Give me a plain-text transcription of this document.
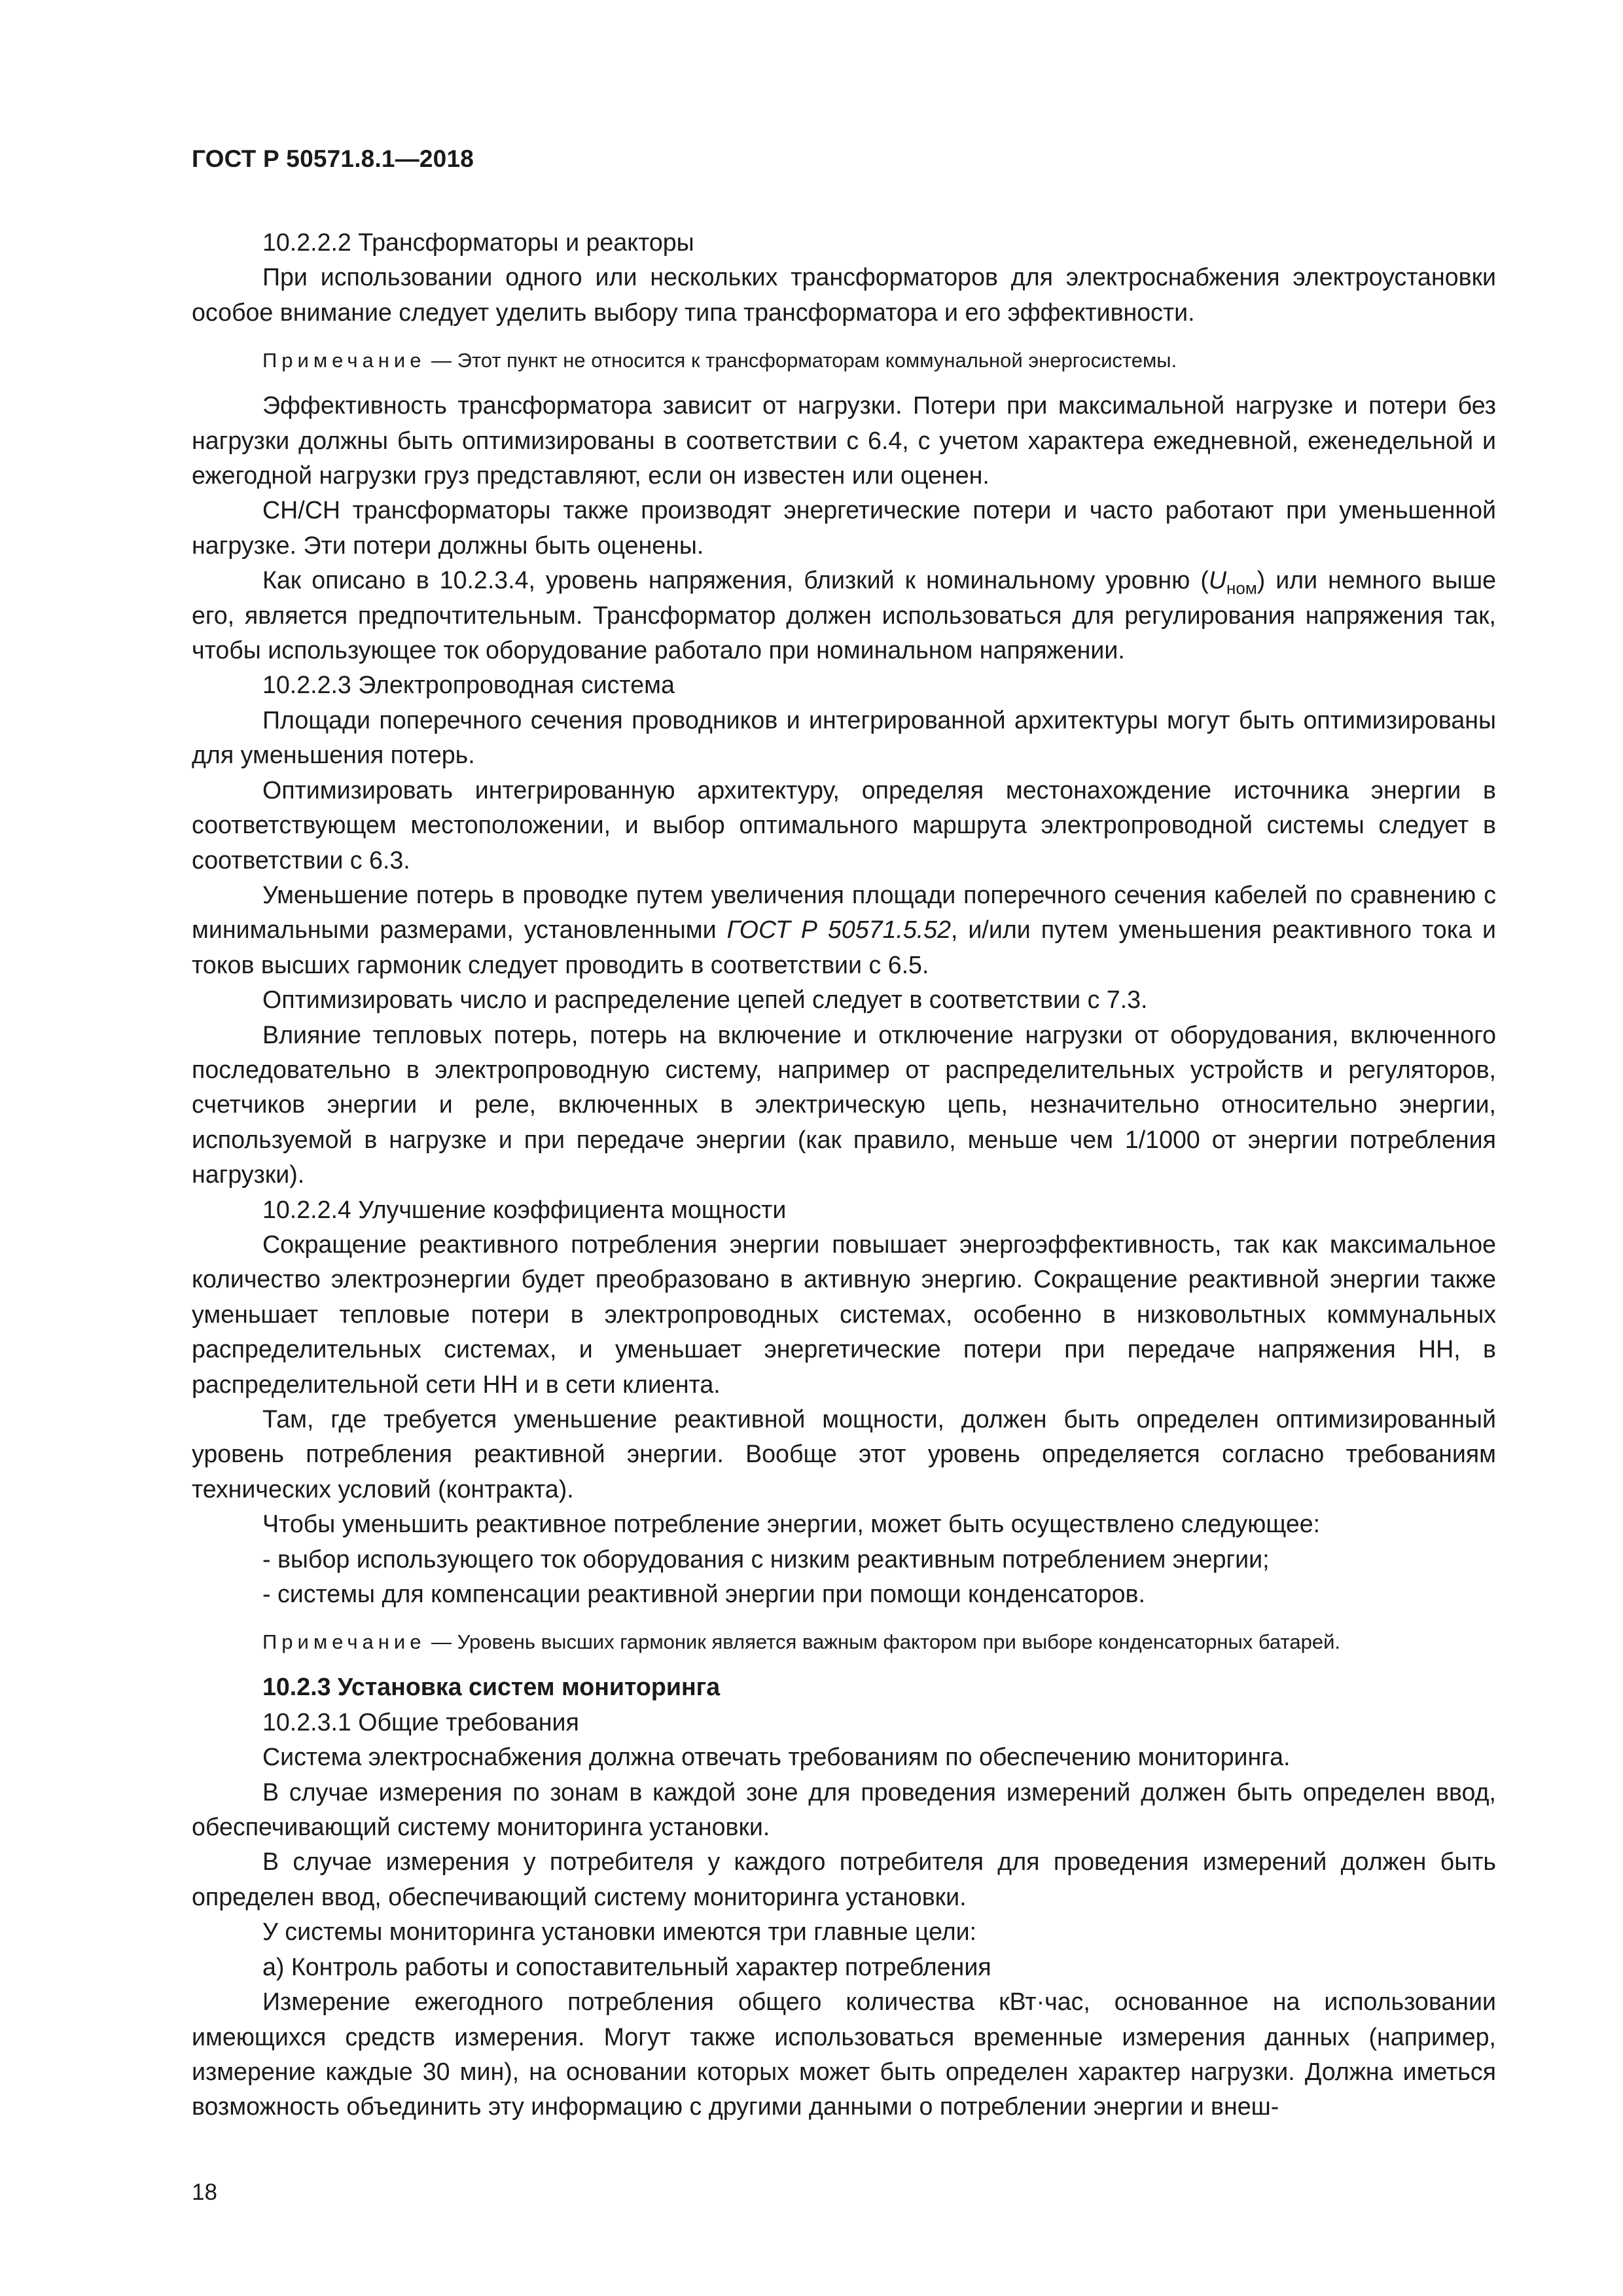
ГОСТ Р 50571.8.1—2018

10.2.2.2 Трансформаторы и реакторы

При использовании одного или нескольких трансформаторов для электроснабжения электроустановки особое внимание следует уделить выбору типа трансформатора и его эффективности.

Примечание — Этот пункт не относится к трансформаторам коммунальной энергосистемы.

Эффективность трансформатора зависит от нагрузки. Потери при максимальной нагрузке и потери без нагрузки должны быть оптимизированы в соответствии с 6.4, с учетом характера ежедневной, еженедельной и ежегодной нагрузки груз представляют, если он известен или оценен.

СН/СН трансформаторы также производят энергетические потери и часто работают при уменьшенной нагрузке. Эти потери должны быть оценены.

Как описано в 10.2.3.4, уровень напряжения, близкий к номинальному уровню $(U_{ном})$ или немного выше его, является предпочтительным. Трансформатор должен использоваться для регулирования напряжения так, чтобы использующее ток оборудование работало при номинальном напряжении.

10.2.2.3 Электропроводная система

Площади поперечного сечения проводников и интегрированной архитектуры могут быть оптимизированы для уменьшения потерь.

Оптимизировать интегрированную архитектуру, определяя местонахождение источника энергии в соответствующем местоположении, и выбор оптимального маршрута электропроводной системы следует в соответствии с 6.3.

Уменьшение потерь в проводке путем увеличения площади поперечного сечения кабелей по сравнению с минимальными размерами, установленными ГОСТ Р 50571.5.52, и/или путем уменьшения реактивного тока и токов высших гармоник следует проводить в соответствии с 6.5.

Оптимизировать число и распределение цепей следует в соответствии с 7.3.

Влияние тепловых потерь, потерь на включение и отключение нагрузки от оборудования, включенного последовательно в электропроводную систему, например от распределительных устройств и регуляторов, счетчиков энергии и реле, включенных в электрическую цепь, незначительно относительно энергии, используемой в нагрузке и при передаче энергии (как правило, меньше чем 1/1000 от энергии потребления нагрузки).

10.2.2.4 Улучшение коэффициента мощности

Сокращение реактивного потребления энергии повышает энергоэффективность, так как максимальное количество электроэнергии будет преобразовано в активную энергию. Сокращение реактивной энергии также уменьшает тепловые потери в электропроводных системах, особенно в низковольтных коммунальных распределительных системах, и уменьшает энергетические потери при передаче напряжения НН, в распределительной сети НН и в сети клиента.

Там, где требуется уменьшение реактивной мощности, должен быть определен оптимизированный уровень потребления реактивной энергии. Вообще этот уровень определяется согласно требованиям технических условий (контракта).

Чтобы уменьшить реактивное потребление энергии, может быть осуществлено следующее:

- выбор использующего ток оборудования с низким реактивным потреблением энергии;

- системы для компенсации реактивной энергии при помощи конденсаторов.

Примечание — Уровень высших гармоник является важным фактором при выборе конденсаторных батарей.

10.2.3 Установка систем мониторинга

10.2.3.1 Общие требования

Система электроснабжения должна отвечать требованиям по обеспечению мониторинга.

В случае измерения по зонам в каждой зоне для проведения измерений должен быть определен ввод, обеспечивающий систему мониторинга установки.

В случае измерения у потребителя у каждого потребителя для проведения измерений должен быть определен ввод, обеспечивающий систему мониторинга установки.

У системы мониторинга установки имеются три главные цели:

а) Контроль работы и сопоставительный характер потребления

Измерение ежегодного потребления общего количества кВт·час, основанное на использовании имеющихся средств измерения. Могут также использоваться временные измерения данных (например, измерение каждые 30 мин), на основании которых может быть определен характер нагрузки. Должна иметься возможность объединить эту информацию с другими данными о потреблении энергии и внеш-

18
